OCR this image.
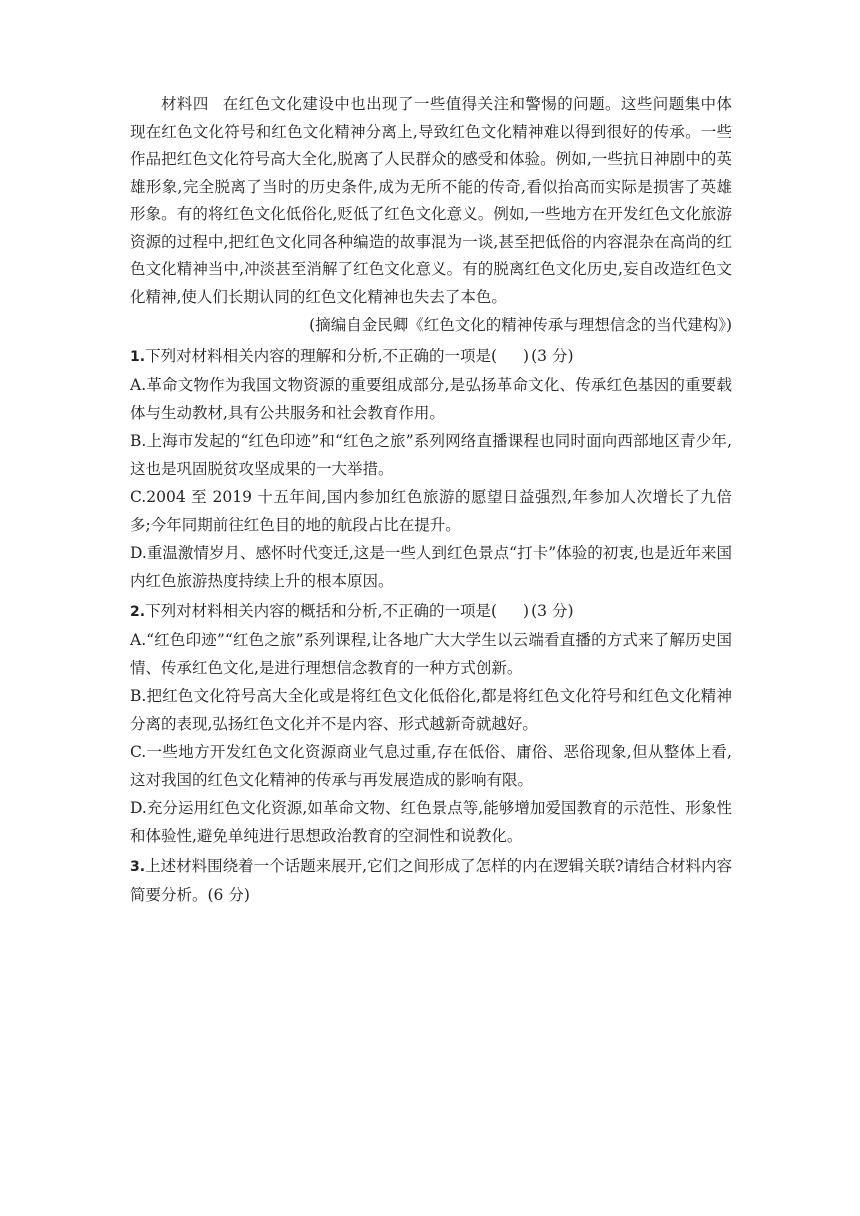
材料四 在红色文化建设中也出现了一些值得关注和警惕的问题。这些问题集中体现在红色文化符号和红色文化精神分离上,导致红色文化精神难以得到很好的传承。一些作品把红色文化符号高大全化,脱离了人民群众的感受和体验。例如,一些抗日神剧中的英雄形象,完全脱离了当时的历史条件,成为无所不能的传奇,看似抬高而实际是损害了英雄形象。有的将红色文化低俗化,贬低了红色文化意义。例如,一些地方在开发红色文化旅游资源的过程中,把红色文化同各种编造的故事混为一谈,甚至把低俗的内容混杂在高尚的红色文化精神当中,冲淡甚至消解了红色文化意义。有的脱离红色文化历史,妄自改造红色文化精神,使人们长期认同的红色文化精神也失去了本色。

(摘编自金民卿《红色文化的精神传承与理想信念的当代建构》)

1.下列对材料相关内容的理解和分析,不正确的一项是( ) (3 分)

A.革命文物作为我国文物资源的重要组成部分,是弘扬革命文化、传承红色基因的重要载体与生动教材,具有公共服务和社会教育作用。

B.上海市发起的“红色印迹”和“红色之旅”系列网络直播课程也同时面向西部地区青少年,这也是巩固脱贫攻坚成果的一大举措。

C.2004 至 2019 十五年间,国内参加红色旅游的愿望日益强烈,年参加人次增长了九倍多;今年同期前往红色目的地的航段占比在提升。

D.重温激情岁月、感怀时代变迁,这是一些人到红色景点“打卡”体验的初衷,也是近年来国内红色旅游热度持续上升的根本原因。

2.下列对材料相关内容的概括和分析,不正确的一项是( ) (3 分)

A.“红色印迹”“红色之旅”系列课程,让各地广大大学生以云端看直播的方式来了解历史国情、传承红色文化,是进行理想信念教育的一种方式创新。

B.把红色文化符号高大全化或是将红色文化低俗化,都是将红色文化符号和红色文化精神分离的表现,弘扬红色文化并不是内容、形式越新奇就越好。

C.一些地方开发红色文化资源商业气息过重,存在低俗、庸俗、恶俗现象,但从整体上看,这对我国的红色文化精神的传承与再发展造成的影响有限。

D.充分运用红色文化资源,如革命文物、红色景点等,能够增加爱国教育的示范性、形象性和体验性,避免单纯进行思想政治教育的空洞性和说教化。

3.上述材料围绕着一个话题来展开,它们之间形成了怎样的内在逻辑关联?请结合材料内容简要分析。(6 分)
